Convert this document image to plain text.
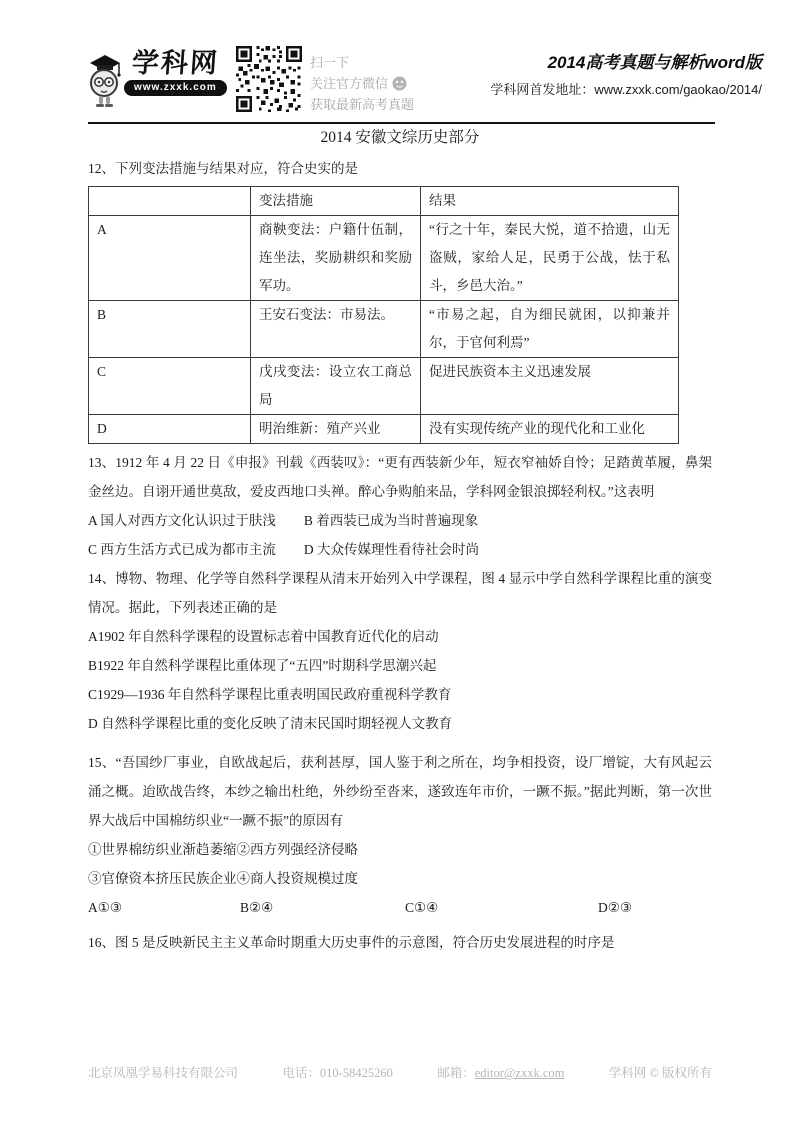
学科网
www.zxxk.com
扫一下
关注官方微信
获取最新高考真题
2014高考真题与解析word版
学科网首发地址：www.zxxk.com/gaokao/2014/
2014 安徽文综历史部分
12、下列变法措施与结果对应，符合史实的是
	变法措施	结果
A	商鞅变法：户籍什伍制，连坐法，奖励耕织和奖励军功。	“行之十年，秦民大悦，道不拾遗，山无盗贼，家给人足，民勇于公战，怯于私斗，乡邑大治。”
B	王安石变法：市易法。	“市易之起，自为细民就困，以抑兼并尔，于官何利焉”
C	戊戌变法：设立农工商总局	促进民族资本主义迅速发展
D	明治维新：殖产兴业	没有实现传统产业的现代化和工业化
13、1912 年 4 月 22 日《申报》刊载《西装叹》：“更有西装新少年，短衣窄袖娇自怜；足踏黄革履，鼻架金丝边。自诩开通世莫敌，爱皮西地口头禅。醉心争购舶来品，学科网金银浪掷轻利权。”这表明
A 国人对西方文化认识过于肤浅 B 着西装已成为当时普遍现象
C 西方生活方式已成为都市主流 D 大众传媒理性看待社会时尚
14、博物、物理、化学等自然科学课程从清末开始列入中学课程，图 4 显示中学自然科学课程比重的演变情况。据此，下列表述正确的是
A1902 年自然科学课程的设置标志着中国教育近代化的启动
B1922 年自然科学课程比重体现了“五四”时期科学思潮兴起
C1929—1936 年自然科学课程比重表明国民政府重视科学教育
D 自然科学课程比重的变化反映了清末民国时期轻视人文教育
15、“吾国纱厂事业，自欧战起后，获利甚厚，国人鉴于利之所在，均争相投资，设厂增锭，大有风起云涌之概。迨欧战告终，本纱之输出杜绝，外纱纷至沓来，遂致连年市价，一蹶不振。”据此判断，第一次世界大战后中国棉纺织业“一蹶不振”的原因有
①世界棉纺织业渐趋萎缩②西方列强经济侵略
③官僚资本挤压民族企业④商人投资规模过度
A①③	B②④	C①④	D②③
16、图 5 是反映新民主主义革命时期重大历史事件的示意图，符合历史发展进程的时序是
北京凤凰学易科技有限公司	电话：010-58425260	邮箱：editor@zxxk.com	学科网 © 版权所有
